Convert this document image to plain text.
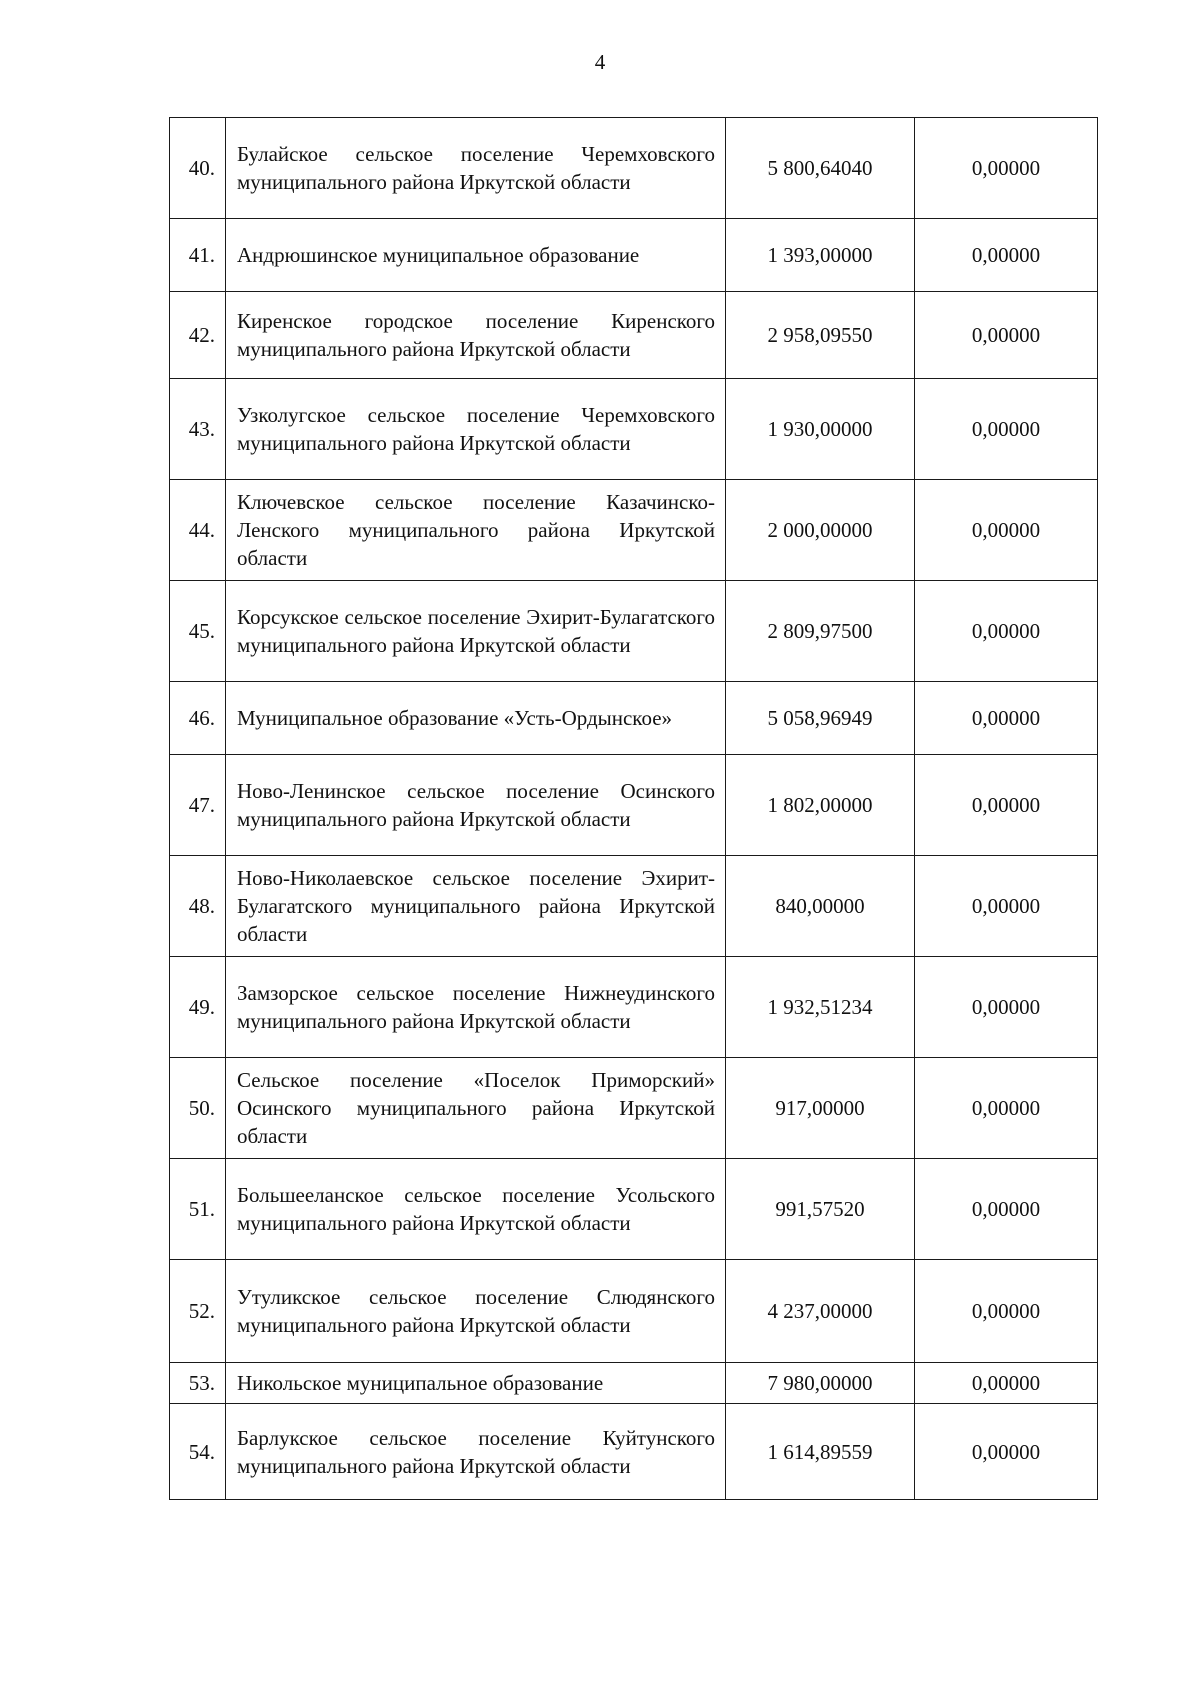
4
40.	Булайское сельское поселение Черемховского муниципального района Иркутской области	5 800,64040	0,00000
41.	Андрюшинское муниципальное образование	1 393,00000	0,00000
42.	Киренское городское поселение Киренского муниципального района Иркутской области	2 958,09550	0,00000
43.	Узколугское сельское поселение Черемховского муниципального района Иркутской области	1 930,00000	0,00000
44.	Ключевское сельское поселение Казачинско-Ленского муниципального района Иркутской области	2 000,00000	0,00000
45.	Корсукское сельское поселение Эхирит-Булагатского муниципального района Иркутской области	2 809,97500	0,00000
46.	Муниципальное образование «Усть-Ордынское»	5 058,96949	0,00000
47.	Ново-Ленинское сельское поселение Осинского муниципального района Иркутской области	1 802,00000	0,00000
48.	Ново-Николаевское сельское поселение Эхирит-Булагатского муниципального района Иркутской области	840,00000	0,00000
49.	Замзорское сельское поселение Нижнеудинского муниципального района Иркутской области	1 932,51234	0,00000
50.	Сельское поселение «Поселок Приморский» Осинского муниципального района Иркутской области	917,00000	0,00000
51.	Большееланское сельское поселение Усольского муниципального района Иркутской области	991,57520	0,00000
52.	Утуликское сельское поселение Слюдянского муниципального района Иркутской области	4 237,00000	0,00000
53.	Никольское муниципальное образование	7 980,00000	0,00000
54.	Барлукское сельское поселение Куйтунского муниципального района Иркутской области	1 614,89559	0,00000
